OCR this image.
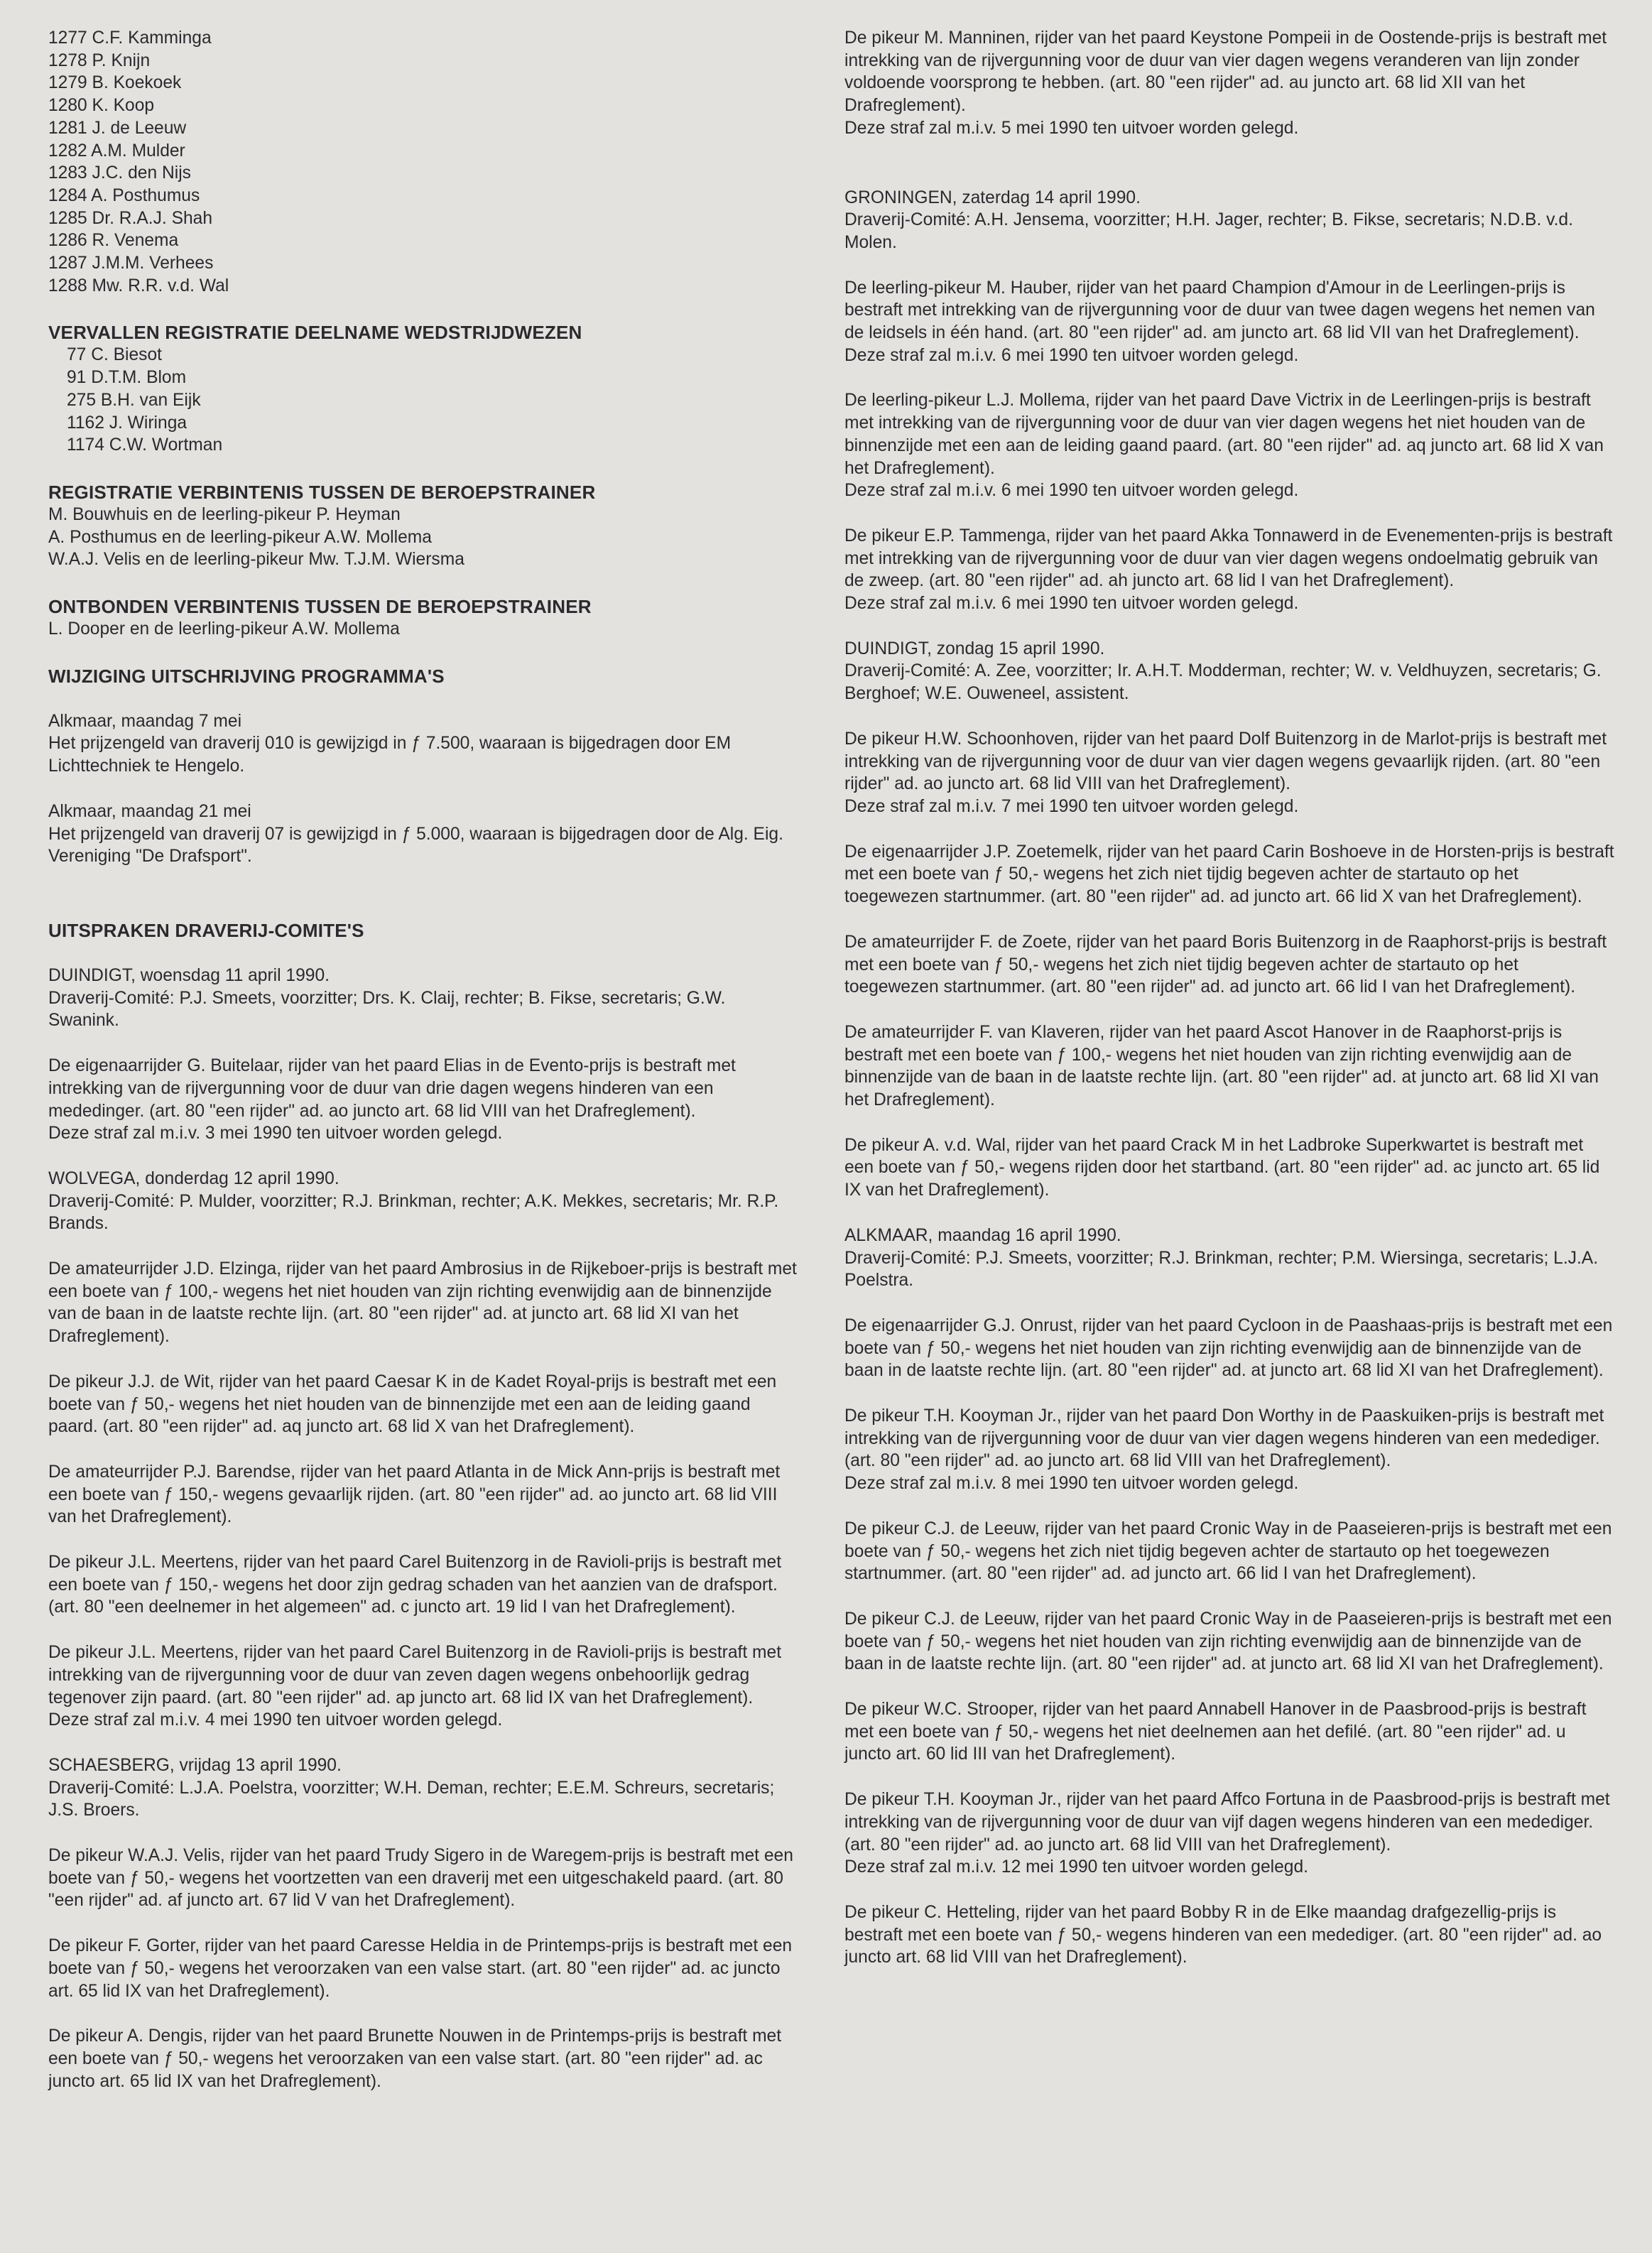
1277 C.F. Kamminga
1278 P. Knijn
1279 B. Koekoek
1280 K. Koop
1281 J. de Leeuw
1282 A.M. Mulder
1283 J.C. den Nijs
1284 A. Posthumus
1285 Dr. R.A.J. Shah
1286 R. Venema
1287 J.M.M. Verhees
1288 Mw. R.R. v.d. Wal
VERVALLEN REGISTRATIE DEELNAME WEDSTRIJDWEZEN
77 C. Biesot
91 D.T.M. Blom
275 B.H. van Eijk
1162 J. Wiringa
1174 C.W. Wortman
REGISTRATIE VERBINTENIS TUSSEN DE BEROEPSTRAINER
M. Bouwhuis en de leerling-pikeur P. Heyman
A. Posthumus en de leerling-pikeur A.W. Mollema
W.A.J. Velis en de leerling-pikeur Mw. T.J.M. Wiersma
ONTBONDEN VERBINTENIS TUSSEN DE BEROEPSTRAINER
L. Dooper en de leerling-pikeur A.W. Mollema
WIJZIGING UITSCHRIJVING PROGRAMMA'S

Alkmaar, maandag 7 mei

Het prijzengeld van draverij 010 is gewijzigd in ƒ 7.500, waaraan is bijgedragen door EM Lichttechniek te Hengelo.

Alkmaar, maandag 21 mei

Het prijzengeld van draverij 07 is gewijzigd in ƒ 5.000, waaraan is bijgedragen door de Alg. Eig. Vereniging "De Drafsport".

UITSPRAKEN DRAVERIJ-COMITE'S

DUINDIGT, woensdag 11 april 1990.

Draverij-Comité: P.J. Smeets, voorzitter; Drs. K. Claij, rechter; B. Fikse, secretaris; G.W. Swanink.

De eigenaarrijder G. Buitelaar, rijder van het paard Elias in de Evento-prijs is bestraft met intrekking van de rijvergunning voor de duur van drie dagen wegens hinderen van een mededinger. (art. 80 "een rijder" ad. ao juncto art. 68 lid VIII van het Drafreglement).
Deze straf zal m.i.v. 3 mei 1990 ten uitvoer worden gelegd.

WOLVEGA, donderdag 12 april 1990.

Draverij-Comité: P. Mulder, voorzitter; R.J. Brinkman, rechter; A.K. Mekkes, secretaris; Mr. R.P. Brands.

De amateurrijder J.D. Elzinga, rijder van het paard Ambrosius in de Rijkeboer-prijs is bestraft met een boete van ƒ 100,- wegens het niet houden van zijn richting evenwijdig aan de binnenzijde van de baan in de laatste rechte lijn. (art. 80 "een rijder" ad. at juncto art. 68 lid XI van het Drafreglement).

De pikeur J.J. de Wit, rijder van het paard Caesar K in de Kadet Royal-prijs is bestraft met een boete van ƒ 50,- wegens het niet houden van de binnenzijde met een aan de leiding gaand paard. (art. 80 "een rijder" ad. aq juncto art. 68 lid X van het Drafreglement).

De amateurrijder P.J. Barendse, rijder van het paard Atlanta in de Mick Ann-prijs is bestraft met een boete van ƒ 150,- wegens gevaarlijk rijden. (art. 80 "een rijder" ad. ao juncto art. 68 lid VIII van het Drafreglement).

De pikeur J.L. Meertens, rijder van het paard Carel Buitenzorg in de Ravioli-prijs is bestraft met een boete van ƒ 150,- wegens het door zijn gedrag schaden van het aanzien van de drafsport. (art. 80 "een deelnemer in het algemeen" ad. c juncto art. 19 lid I van het Drafreglement).

De pikeur J.L. Meertens, rijder van het paard Carel Buitenzorg in de Ravioli-prijs is bestraft met intrekking van de rijvergunning voor de duur van zeven dagen wegens onbehoorlijk gedrag tegenover zijn paard. (art. 80 "een rijder" ad. ap juncto art. 68 lid IX van het Drafreglement).
Deze straf zal m.i.v. 4 mei 1990 ten uitvoer worden gelegd.

SCHAESBERG, vrijdag 13 april 1990.

Draverij-Comité: L.J.A. Poelstra, voorzitter; W.H. Deman, rechter; E.E.M. Schreurs, secretaris; J.S. Broers.

De pikeur W.A.J. Velis, rijder van het paard Trudy Sigero in de Waregem-prijs is bestraft met een boete van ƒ 50,- wegens het voortzetten van een draverij met een uitgeschakeld paard. (art. 80 "een rijder" ad. af juncto art. 67 lid V van het Drafreglement).

De pikeur F. Gorter, rijder van het paard Caresse Heldia in de Printemps-prijs is bestraft met een boete van ƒ 50,- wegens het veroorzaken van een valse start. (art. 80 "een rijder" ad. ac juncto art. 65 lid IX van het Drafreglement).

De pikeur A. Dengis, rijder van het paard Brunette Nouwen in de Printemps-prijs is bestraft met een boete van ƒ 50,- wegens het veroorzaken van een valse start. (art. 80 "een rijder" ad. ac juncto art. 65 lid IX van het Drafreglement).

De pikeur M. Manninen, rijder van het paard Keystone Pompeii in de Oostende-prijs is bestraft met intrekking van de rijvergunning voor de duur van vier dagen wegens veranderen van lijn zonder voldoende voorsprong te hebben. (art. 80 "een rijder" ad. au juncto art. 68 lid XII van het Drafreglement).
Deze straf zal m.i.v. 5 mei 1990 ten uitvoer worden gelegd.

GRONINGEN, zaterdag 14 april 1990.

Draverij-Comité: A.H. Jensema, voorzitter; H.H. Jager, rechter; B. Fikse, secretaris; N.D.B. v.d. Molen.

De leerling-pikeur M. Hauber, rijder van het paard Champion d'Amour in de Leerlingen-prijs is bestraft met intrekking van de rijvergunning voor de duur van twee dagen wegens het nemen van de leidsels in één hand. (art. 80 "een rijder" ad. am juncto art. 68 lid VII van het Drafreglement).
Deze straf zal m.i.v. 6 mei 1990 ten uitvoer worden gelegd.

De leerling-pikeur L.J. Mollema, rijder van het paard Dave Victrix in de Leerlingen-prijs is bestraft met intrekking van de rijvergunning voor de duur van vier dagen wegens het niet houden van de binnenzijde met een aan de leiding gaand paard. (art. 80 "een rijder" ad. aq juncto art. 68 lid X van het Drafreglement).
Deze straf zal m.i.v. 6 mei 1990 ten uitvoer worden gelegd.

De pikeur E.P. Tammenga, rijder van het paard Akka Tonnawerd in de Evenementen-prijs is bestraft met intrekking van de rijvergunning voor de duur van vier dagen wegens ondoelmatig gebruik van de zweep. (art. 80 "een rijder" ad. ah juncto art. 68 lid I van het Drafreglement).
Deze straf zal m.i.v. 6 mei 1990 ten uitvoer worden gelegd.

DUINDIGT, zondag 15 april 1990.

Draverij-Comité: A. Zee, voorzitter; Ir. A.H.T. Modderman, rechter; W. v. Veldhuyzen, secretaris; G. Berghoef; W.E. Ouweneel, assistent.

De pikeur H.W. Schoonhoven, rijder van het paard Dolf Buitenzorg in de Marlot-prijs is bestraft met intrekking van de rijvergunning voor de duur van vier dagen wegens gevaarlijk rijden. (art. 80 "een rijder" ad. ao juncto art. 68 lid VIII van het Drafreglement).
Deze straf zal m.i.v. 7 mei 1990 ten uitvoer worden gelegd.

De eigenaarrijder J.P. Zoetemelk, rijder van het paard Carin Boshoeve in de Horsten-prijs is bestraft met een boete van ƒ 50,- wegens het zich niet tijdig begeven achter de startauto op het toegewezen startnummer. (art. 80 "een rijder" ad. ad juncto art. 66 lid X van het Drafreglement).

De amateurrijder F. de Zoete, rijder van het paard Boris Buitenzorg in de Raaphorst-prijs is bestraft met een boete van ƒ 50,- wegens het zich niet tijdig begeven achter de startauto op het toegewezen startnummer. (art. 80 "een rijder" ad. ad juncto art. 66 lid I van het Drafreglement).

De amateurrijder F. van Klaveren, rijder van het paard Ascot Hanover in de Raaphorst-prijs is bestraft met een boete van ƒ 100,- wegens het niet houden van zijn richting evenwijdig aan de binnenzijde van de baan in de laatste rechte lijn. (art. 80 "een rijder" ad. at juncto art. 68 lid XI van het Drafreglement).

De pikeur A. v.d. Wal, rijder van het paard Crack M in het Ladbroke Superkwartet is bestraft met een boete van ƒ 50,- wegens rijden door het startband. (art. 80 "een rijder" ad. ac juncto art. 65 lid IX van het Drafreglement).

ALKMAAR, maandag 16 april 1990.

Draverij-Comité: P.J. Smeets, voorzitter; R.J. Brinkman, rechter; P.M. Wiersinga, secretaris; L.J.A. Poelstra.

De eigenaarrijder G.J. Onrust, rijder van het paard Cycloon in de Paashaas-prijs is bestraft met een boete van ƒ 50,- wegens het niet houden van zijn richting evenwijdig aan de binnenzijde van de baan in de laatste rechte lijn. (art. 80 "een rijder" ad. at juncto art. 68 lid XI van het Drafreglement).

De pikeur T.H. Kooyman Jr., rijder van het paard Don Worthy in de Paaskuiken-prijs is bestraft met intrekking van de rijvergunning voor de duur van vier dagen wegens hinderen van een medediger. (art. 80 "een rijder" ad. ao juncto art. 68 lid VIII van het Drafreglement).
Deze straf zal m.i.v. 8 mei 1990 ten uitvoer worden gelegd.

De pikeur C.J. de Leeuw, rijder van het paard Cronic Way in de Paaseieren-prijs is bestraft met een boete van ƒ 50,- wegens het zich niet tijdig begeven achter de startauto op het toegewezen startnummer. (art. 80 "een rijder" ad. ad juncto art. 66 lid I van het Drafreglement).

De pikeur C.J. de Leeuw, rijder van het paard Cronic Way in de Paaseieren-prijs is bestraft met een boete van ƒ 50,- wegens het niet houden van zijn richting evenwijdig aan de binnenzijde van de baan in de laatste rechte lijn. (art. 80 "een rijder" ad. at juncto art. 68 lid XI van het Drafreglement).

De pikeur W.C. Strooper, rijder van het paard Annabell Hanover in de Paasbrood-prijs is bestraft met een boete van ƒ 50,- wegens het niet deelnemen aan het defilé. (art. 80 "een rijder" ad. u juncto art. 60 lid III van het Drafreglement).

De pikeur T.H. Kooyman Jr., rijder van het paard Affco Fortuna in de Paasbrood-prijs is bestraft met intrekking van de rijvergunning voor de duur van vijf dagen wegens hinderen van een medediger. (art. 80 "een rijder" ad. ao juncto art. 68 lid VIII van het Drafreglement).
Deze straf zal m.i.v. 12 mei 1990 ten uitvoer worden gelegd.

De pikeur C. Hetteling, rijder van het paard Bobby R in de Elke maandag drafgezellig-prijs is bestraft met een boete van ƒ 50,- wegens hinderen van een medediger. (art. 80 "een rijder" ad. ao juncto art. 68 lid VIII van het Drafreglement).
